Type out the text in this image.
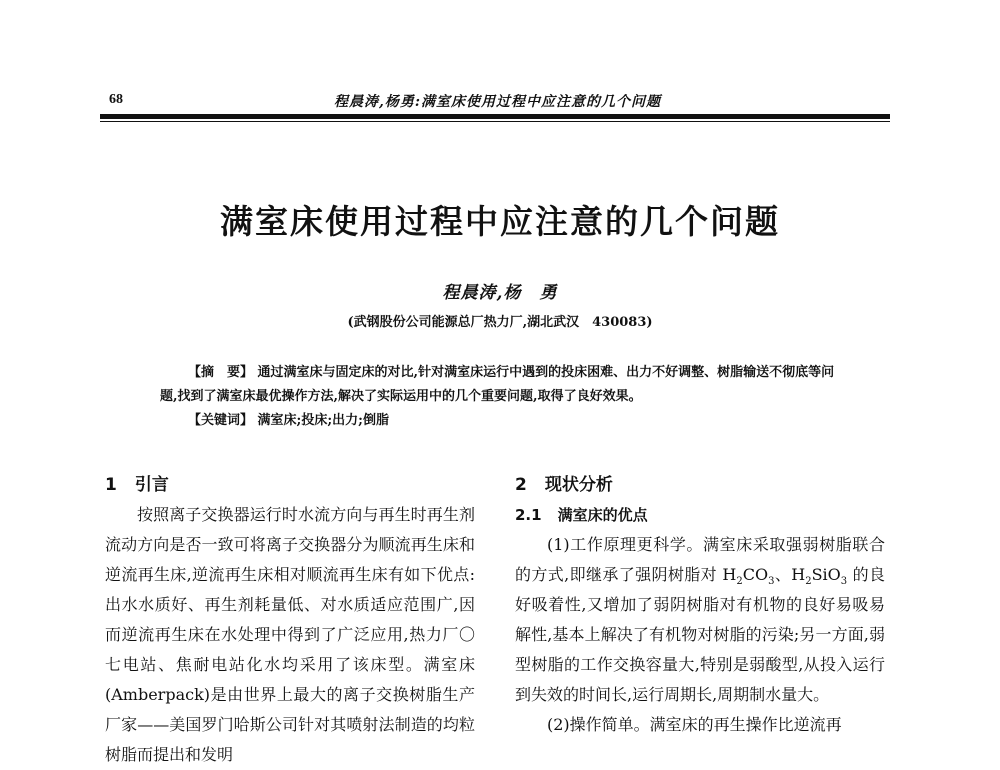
68	程晨涛,杨勇:满室床使用过程中应注意的几个问题
满室床使用过程中应注意的几个问题
程晨涛,杨　勇
(武钢股份公司能源总厂热力厂,湖北武汉　430083)

【摘　要】 通过满室床与固定床的对比,针对满室床运行中遇到的投床困难、出力不好调整、树脂输送不彻底等问题,找到了满室床最优操作方法,解决了实际运用中的几个重要问题,取得了良好效果。

【关键词】 满室床;投床;出力;倒脂

1 引言

按照离子交换器运行时水流方向与再生时再生剂流动方向是否一致可将离子交换器分为顺流再生床和逆流再生床,逆流再生床相对顺流再生床有如下优点:出水水质好、再生剂耗量低、对水质适应范围广,因而逆流再生床在水处理中得到了广泛应用,热力厂〇七电站、焦耐电站化水均采用了该床型。满室床(Amberpack)是由世界上最大的离子交换树脂生产厂家——美国罗门哈斯公司针对其喷射法制造的均粒树脂而提出和发明

2 现状分析
2.1 满室床的优点

(1)工作原理更科学。满室床采取强弱树脂联合的方式,即继承了强阴树脂对 $H_2CO_3$、$H_2SiO_3$ 的良好吸着性,又增加了弱阴树脂对有机物的良好易吸易解性,基本上解决了有机物对树脂的污染;另一方面,弱型树脂的工作交换容量大,特别是弱酸型,从投入运行到失效的时间长,运行周期长,周期制水量大。

(2)操作简单。满室床的再生操作比逆流再
